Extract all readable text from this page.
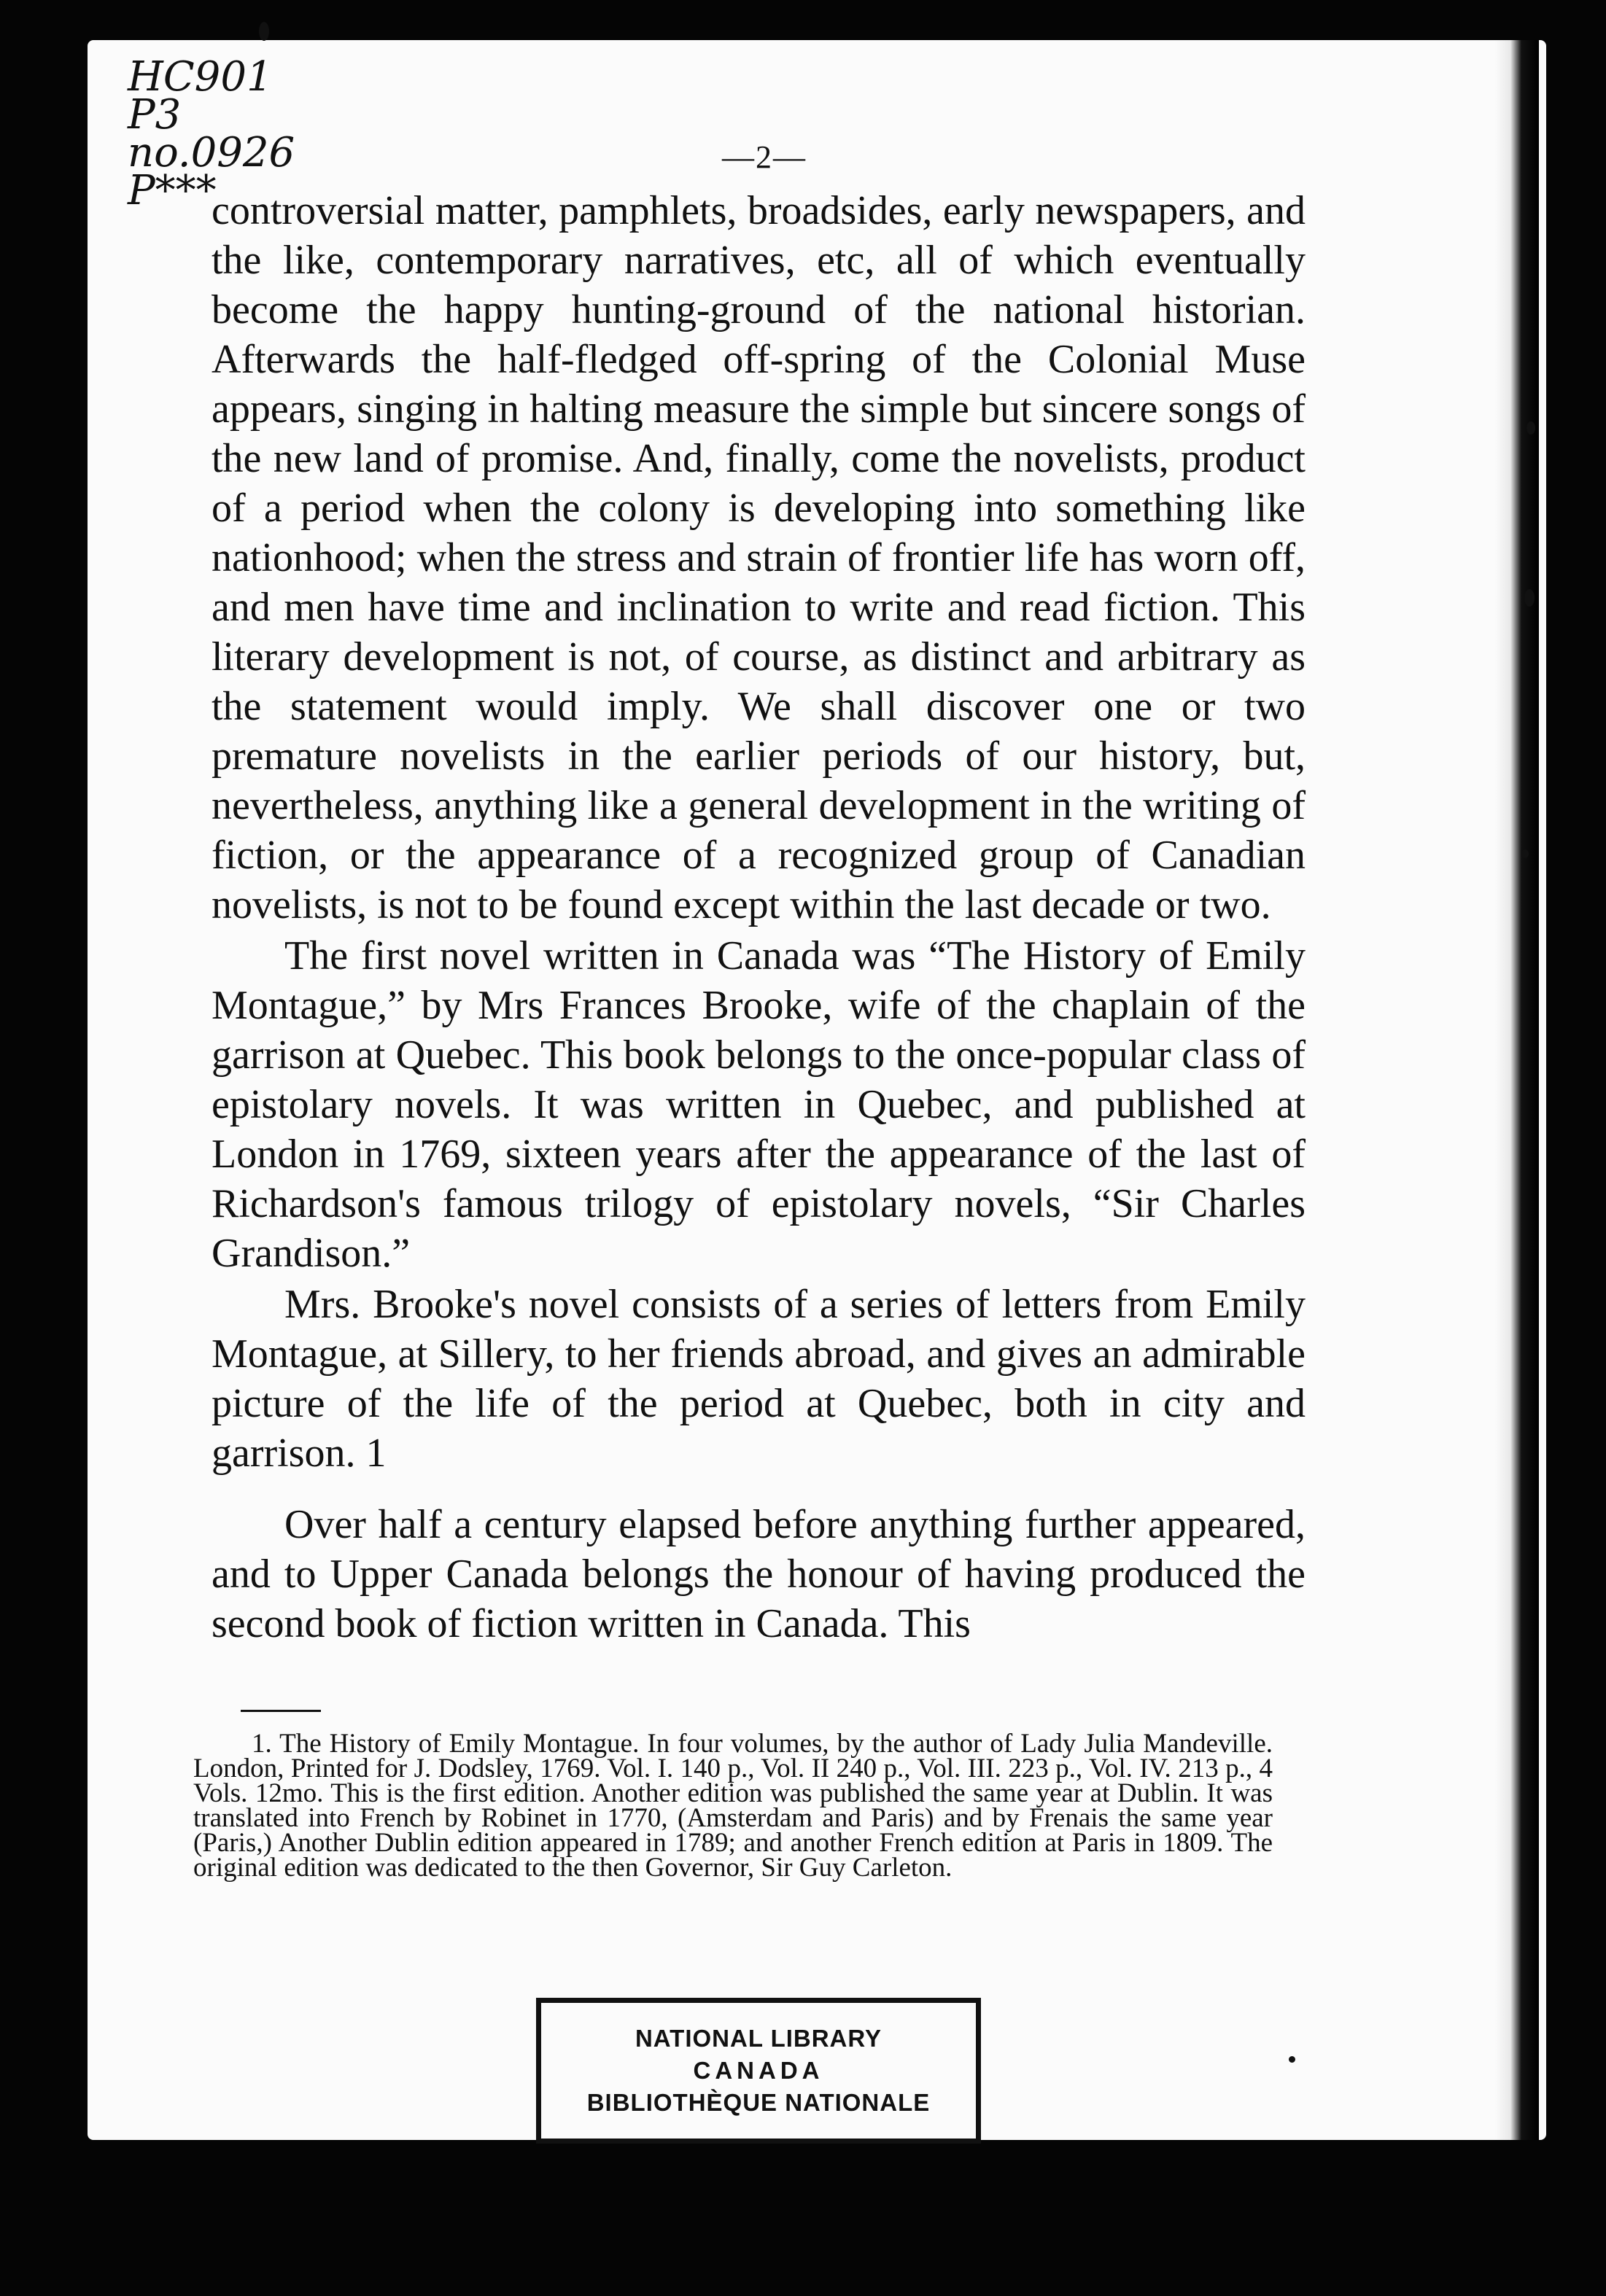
HC901
P3
no.0926
P***
—2—

controversial matter, pamphlets, broadsides, early newspapers, and the like, contemporary narratives, etc, all of which eventually become the happy hunting-ground of the national historian. Afterwards the half-fledged off-spring of the Colonial Muse appears, singing in halting measure the simple but sincere songs of the new land of promise. And, finally, come the novelists, product of a period when the colony is developing into something like nationhood; when the stress and strain of frontier life has worn off, and men have time and inclination to write and read fiction. This literary development is not, of course, as distinct and arbitrary as the statement would imply. We shall discover one or two premature novelists in the earlier periods of our history, but, nevertheless, anything like a general development in the writing of fiction, or the appearance of a recognized group of Canadian novelists, is not to be found except within the last decade or two.

The first novel written in Canada was “The History of Emily Montague,” by Mrs Frances Brooke, wife of the chaplain of the garrison at Quebec. This book belongs to the once-popular class of epistolary novels. It was written in Quebec, and published at London in 1769, sixteen years after the appearance of the last of Richardson's famous trilogy of epistolary novels, “Sir Charles Grandison.”

Mrs. Brooke's novel consists of a series of letters from Emily Montague, at Sillery, to her friends abroad, and gives an admirable picture of the life of the period at Quebec, both in city and garrison. 1

Over half a century elapsed before anything further appeared, and to Upper Canada belongs the honour of having produced the second book of fiction written in Canada. This

1. The History of Emily Montague. In four volumes, by the author of Lady Julia Mandeville. London, Printed for J. Dodsley, 1769. Vol. I. 140 p., Vol. II 240 p., Vol. III. 223 p., Vol. IV. 213 p., 4 Vols. 12mo. This is the first edition. Another edition was published the same year at Dublin. It was translated into French by Robinet in 1770, (Amsterdam and Paris) and by Frenais the same year (Paris,) Another Dublin edition appeared in 1789; and another French edition at Paris in 1809. The original edition was dedicated to the then Governor, Sir Guy Carleton.

NATIONAL LIBRARY
CANADA
BIBLIOTHÈQUE NATIONALE
